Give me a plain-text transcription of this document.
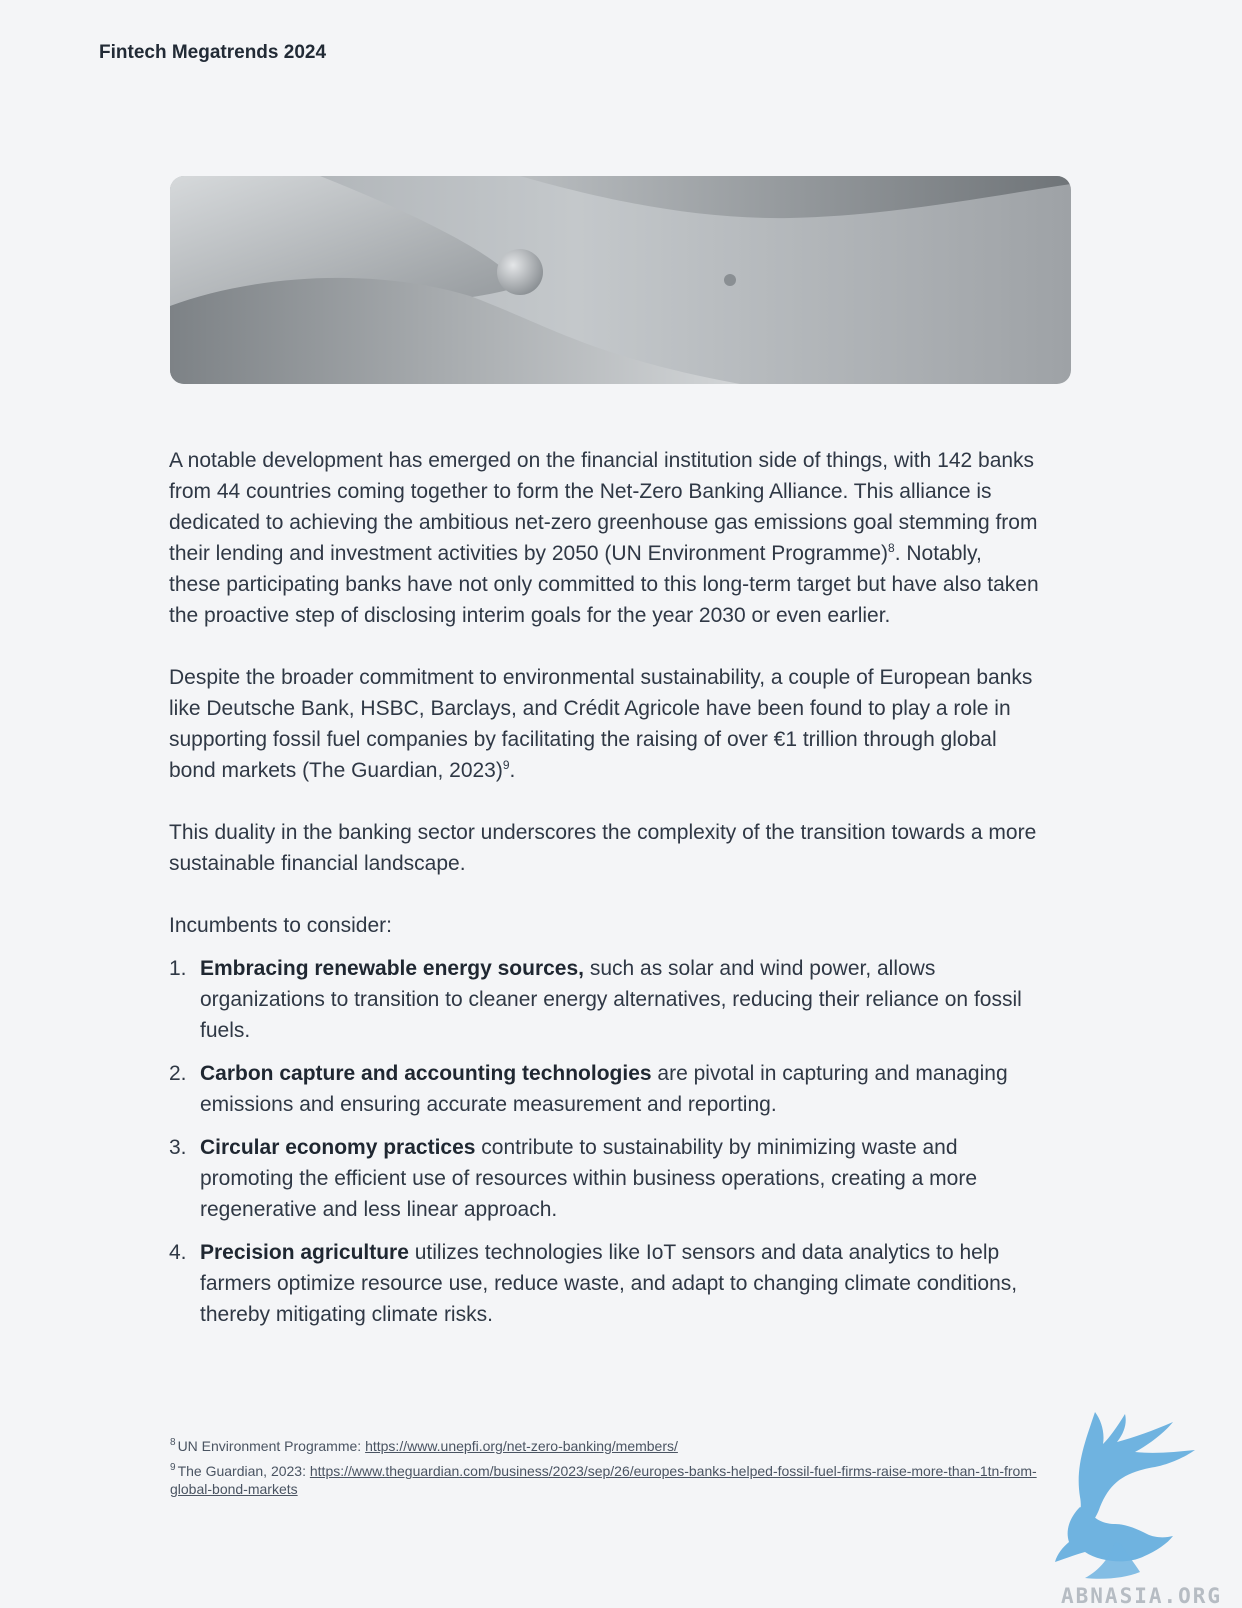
Fintech Megatrends 2024

A notable development has emerged on the financial institution side of things, with 142 banks from 44 countries coming together to form the Net-Zero Banking Alliance. This alliance is dedicated to achieving the ambitious net-zero greenhouse gas emissions goal stemming from their lending and investment activities by 2050 (UN Environment Programme)$^8$. Notably, these participating banks have not only committed to this long-term target but have also taken the proactive step of disclosing interim goals for the year 2030 or even earlier.

Despite the broader commitment to environmental sustainability, a couple of European banks like Deutsche Bank, HSBC, Barclays, and Crédit Agricole have been found to play a role in supporting fossil fuel companies by facilitating the raising of over €1 trillion through global bond markets (The Guardian, 2023)$^9$.

This duality in the banking sector underscores the complexity of the transition towards a more sustainable financial landscape.

Incumbents to consider:

1. Embracing renewable energy sources, such as solar and wind power, allows organizations to transition to cleaner energy alternatives, reducing their reliance on fossil fuels.
2. Carbon capture and accounting technologies are pivotal in capturing and managing emissions and ensuring accurate measurement and reporting.
3. Circular economy practices contribute to sustainability by minimizing waste and promoting the efficient use of resources within business operations, creating a more regenerative and less linear approach.
4. Precision agriculture utilizes technologies like IoT sensors and data analytics to help farmers optimize resource use, reduce waste, and adapt to changing climate conditions, thereby mitigating climate risks.
$^8$ UN Environment Programme: https://www.unepfi.org/net-zero-banking/members/
$^9$ The Guardian, 2023: https://www.theguardian.com/business/2023/sep/26/europes-banks-helped-fossil-fuel-firms-raise-more-than-1tn-from-global-bond-markets
ABNASIA.ORG
